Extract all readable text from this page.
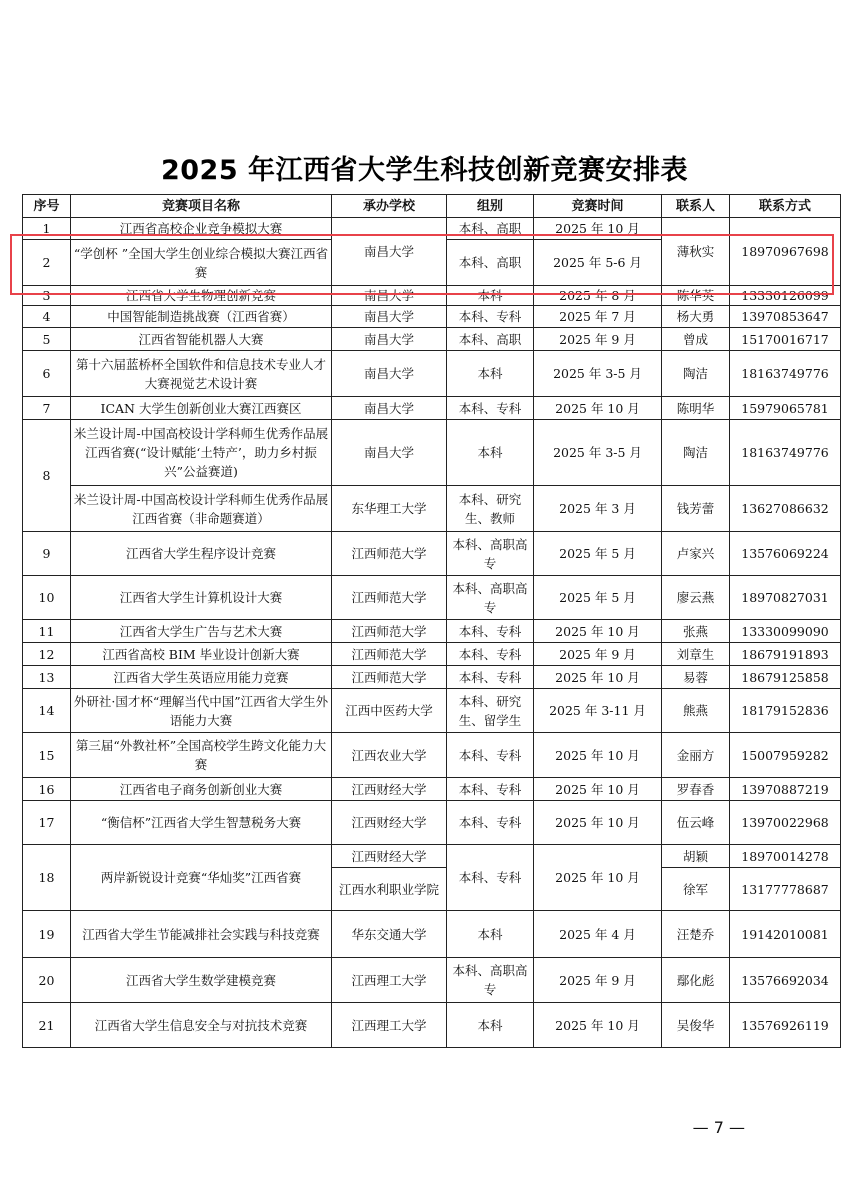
2025 年江西省大学生科技创新竞赛安排表
序号	竞赛项目名称	承办学校	组别	竞赛时间	联系人	联系方式
1	江西省高校企业竞争模拟大赛	南昌大学	本科、高职	2025 年 10 月	薄秋实	18970967698
2	“学创杯 ”全国大学生创业综合模拟大赛江西省赛		本科、高职	2025 年 5-6 月		
3	江西省大学生物理创新竞赛	南昌大学	本科	2025 年 8 月	陈华英	13330126099
4	中国智能制造挑战赛（江西省赛）	南昌大学	本科、专科	2025 年 7 月	杨大勇	13970853647
5	江西省智能机器人大赛	南昌大学	本科、高职	2025 年 9 月	曾成	15170016717
6	第十六届蓝桥杯全国软件和信息技术专业人才大赛视觉艺术设计赛	南昌大学	本科	2025 年 3-5 月	陶洁	18163749776
7	ICAN 大学生创新创业大赛江西赛区	南昌大学	本科、专科	2025 年 10 月	陈明华	15979065781
8	米兰设计周-中国高校设计学科师生优秀作品展江西省赛(“设计赋能‘土特产’，助力乡村振兴”公益赛道)	南昌大学	本科	2025 年 3-5 月	陶洁	18163749776
	米兰设计周-中国高校设计学科师生优秀作品展江西省赛（非命题赛道）	东华理工大学	本科、研究生、教师	2025 年 3 月	钱芳蕾	13627086632
9	江西省大学生程序设计竞赛	江西师范大学	本科、高职高专	2025 年 5 月	卢家兴	13576069224
10	江西省大学生计算机设计大赛	江西师范大学	本科、高职高专	2025 年 5 月	廖云燕	18970827031
11	江西省大学生广告与艺术大赛	江西师范大学	本科、专科	2025 年 10 月	张燕	13330099090
12	江西省高校 BIM 毕业设计创新大赛	江西师范大学	本科、专科	2025 年 9 月	刘章生	18679191893
13	江西省大学生英语应用能力竞赛	江西师范大学	本科、专科	2025 年 10 月	易蓉	18679125858
14	外研社·国才杯“理解当代中国”江西省大学生外语能力大赛	江西中医药大学	本科、研究生、留学生	2025 年 3-11 月	熊燕	18179152836
15	第三届“外教社杯”全国高校学生跨文化能力大赛	江西农业大学	本科、专科	2025 年 10 月	金丽方	15007959282
16	江西省电子商务创新创业大赛	江西财经大学	本科、专科	2025 年 10 月	罗春香	13970887219
17	“衡信杯”江西省大学生智慧税务大赛	江西财经大学	本科、专科	2025 年 10 月	伍云峰	13970022968
18	两岸新锐设计竞赛“华灿奖”江西省赛	江西财经大学	本科、专科	2025 年 10 月	胡颖	18970014278
		江西水利职业学院			徐军	13177778687
19	江西省大学生节能减排社会实践与科技竞赛	华东交通大学	本科	2025 年 4 月	汪楚乔	19142010081
20	江西省大学生数学建模竞赛	江西理工大学	本科、高职高专	2025 年 9 月	鄢化彪	13576692034
21	江西省大学生信息安全与对抗技术竞赛	江西理工大学	本科	2025 年 10 月	吴俊华	13576926119
— 7 —
